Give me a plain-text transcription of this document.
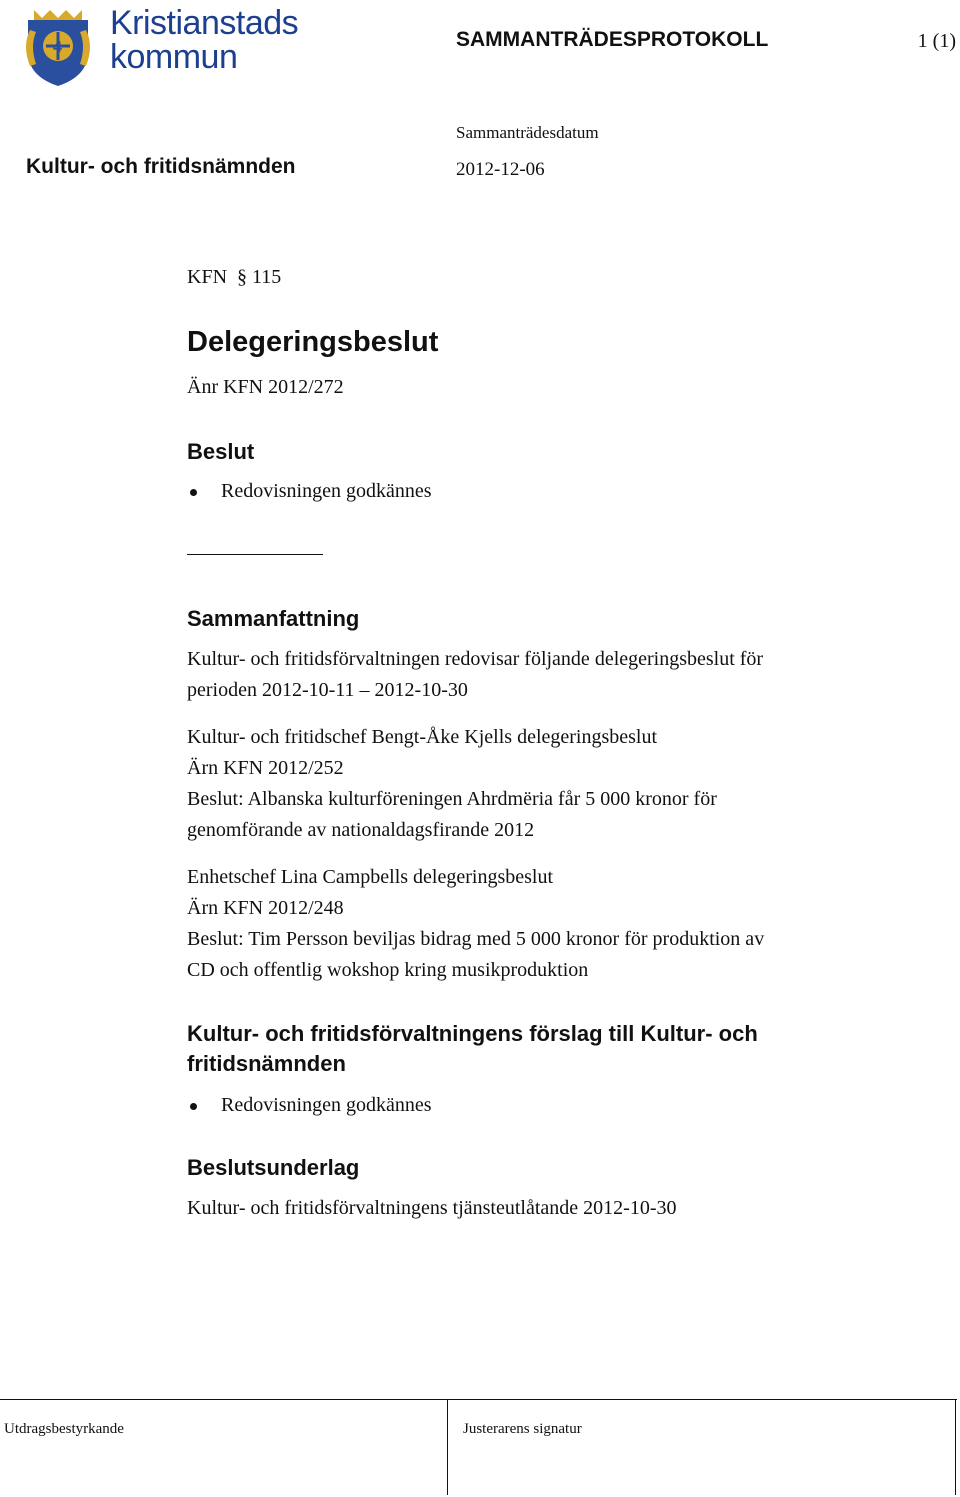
4
Kristianstads
kommun	SAMMANTRÄDESPROTOKOLL	1 (1)
Sammanträdesdatum
Kultur- och fritidsnämnden	2012-12-06
KFN  § 115
Delegeringsbeslut
Änr KFN 2012/272
Beslut
Redovisningen godkännes
Sammanfattning
Kultur- och fritidsförvaltningen redovisar följande delegeringsbeslut för
perioden 2012-10-11 – 2012-10-30
Kultur- och fritidschef Bengt-Åke Kjells delegeringsbeslut
Ärn KFN 2012/252
Beslut: Albanska kulturföreningen Ahrdmëria får 5 000 kronor för
genomförande av nationaldagsfirande 2012
Enhetschef Lina Campbells delegeringsbeslut
Ärn KFN 2012/248
Beslut: Tim Persson beviljas bidrag med 5 000 kronor för produktion av
CD och offentlig wokshop kring musikproduktion
Kultur- och fritidsförvaltningens förslag till Kultur- och
fritidsnämnden
Redovisningen godkännes
Beslutsunderlag
Kultur- och fritidsförvaltningens tjänsteutlåtande 2012-10-30
Utdragsbestyrkande	Justerarens signatur
